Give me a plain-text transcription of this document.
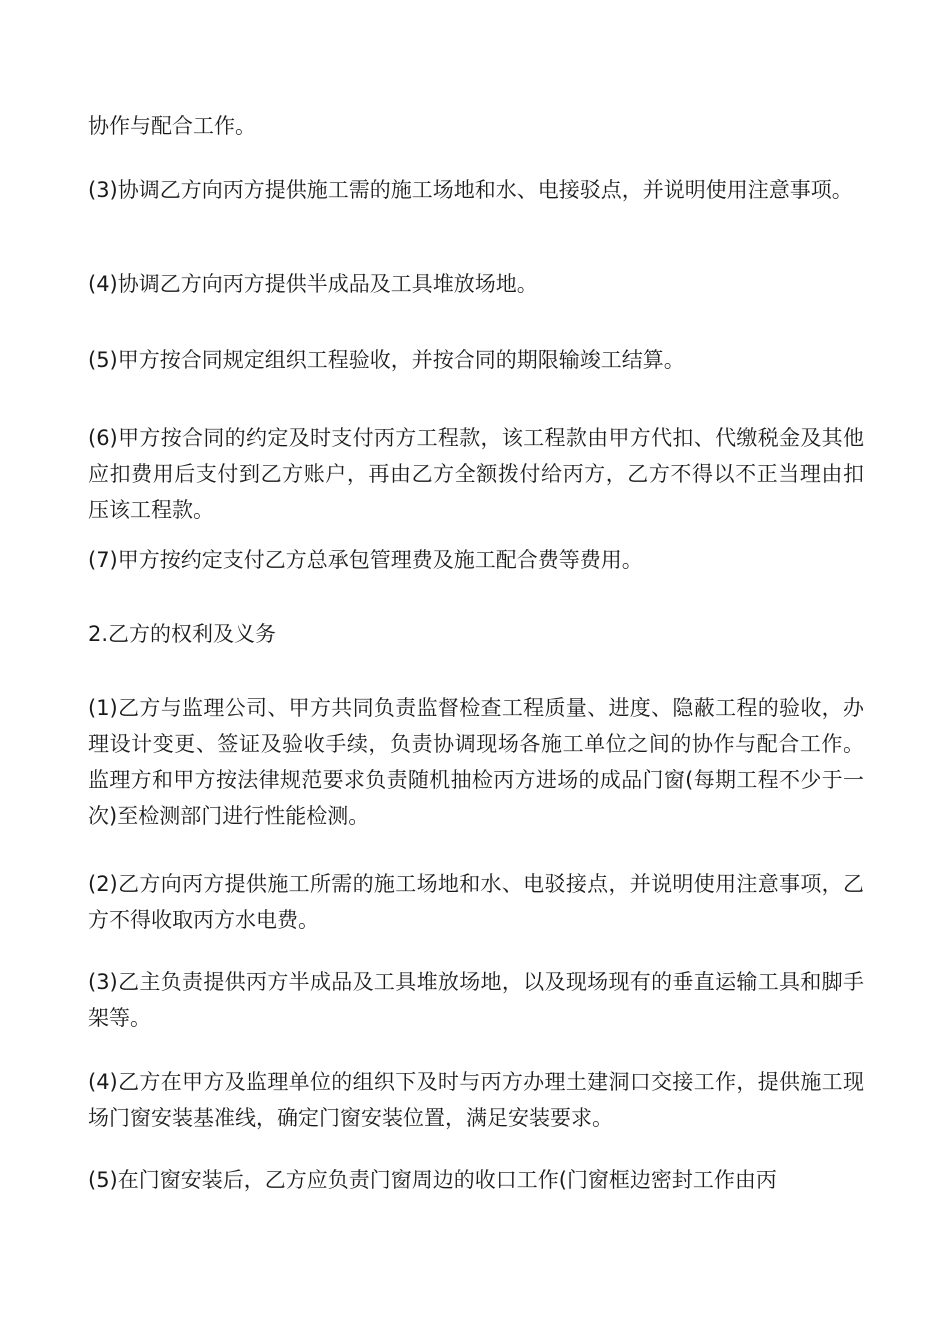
协作与配合工作。

(3)协调乙方向丙方提供施工需的施工场地和水、电接驳点，并说明使用注意事项。

(4)协调乙方向丙方提供半成品及工具堆放场地。

(5)甲方按合同规定组织工程验收，并按合同的期限输竣工结算。

(6)甲方按合同的约定及时支付丙方工程款，该工程款由甲方代扣、代缴税金及其他应扣费用后支付到乙方账户，再由乙方全额拨付给丙方，乙方不得以不正当理由扣压该工程款。

(7)甲方按约定支付乙方总承包管理费及施工配合费等费用。

2.乙方的权利及义务

(1)乙方与监理公司、甲方共同负责监督检查工程质量、进度、隐蔽工程的验收，办理设计变更、签证及验收手续，负责协调现场各施工单位之间的协作与配合工作。监理方和甲方按法律规范要求负责随机抽检丙方进场的成品门窗(每期工程不少于一次)至检测部门进行性能检测。

(2)乙方向丙方提供施工所需的施工场地和水、电驳接点，并说明使用注意事项，乙方不得收取丙方水电费。

(3)乙主负责提供丙方半成品及工具堆放场地，以及现场现有的垂直运输工具和脚手架等。

(4)乙方在甲方及监理单位的组织下及时与丙方办理土建洞口交接工作，提供施工现场门窗安装基准线，确定门窗安装位置，满足安装要求。

(5)在门窗安装后，乙方应负责门窗周边的收口工作(门窗框边密封工作由丙
